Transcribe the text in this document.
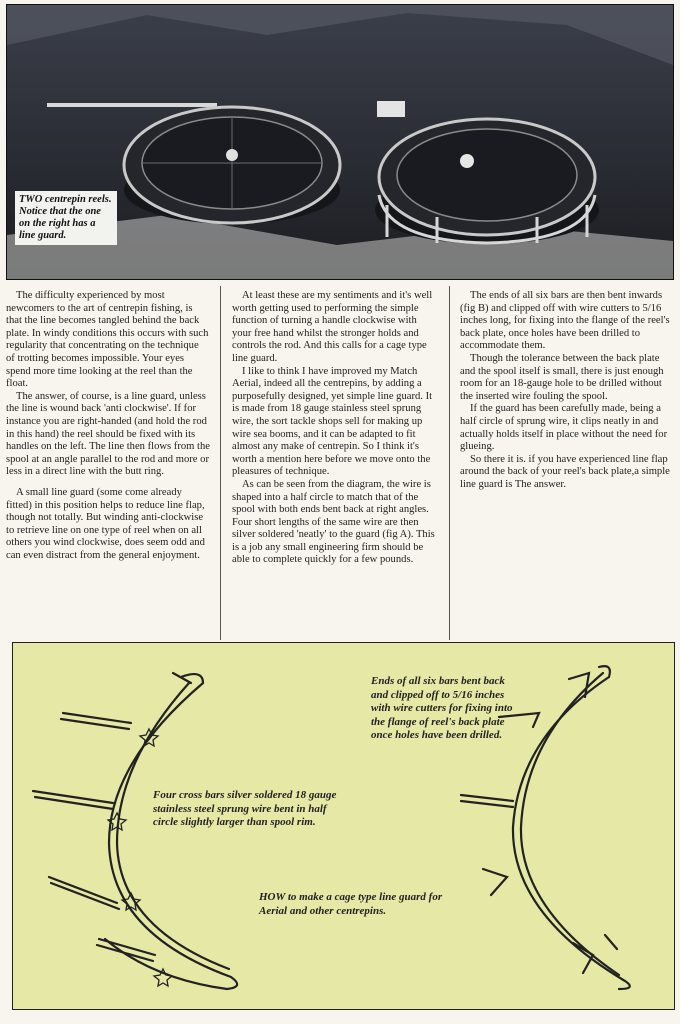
TWO centrepin reels. Notice that the one on the right has a line guard.

The difficulty experienced by most newcomers to the art of centrepin fishing, is that the line becomes tangled behind the back plate. In windy conditions this occurs with such regularity that concentrating on the technique of trotting becomes impossible. Your eyes spend more time looking at the reel than the float.

The answer, of course, is a line guard, unless the line is wound back 'anti clockwise'. If for instance you are right-handed (and hold the rod in this hand) the reel should be fixed with its handles on the left. The line then flows from the spool at an angle parallel to the rod and more or less in a direct line with the butt ring.

A small line guard (some come already fitted) in this position helps to reduce line flap, though not totally. But winding anti-clockwise to retrieve line on one type of reel when on all others you wind clockwise, does seem odd and can even distract from the general enjoyment.

At least these are my sentiments and it's well worth getting used to performing the simple function of turning a handle clockwise with your free hand whilst the stronger holds and controls the rod. And this calls for a cage type line guard.

I like to think I have improved my Match Aerial, indeed all the centrepins, by adding a purposefully designed, yet simple line guard. It is made from 18 gauge stainless steel sprung wire, the sort tackle shops sell for making up wire sea booms, and it can be adapted to fit almost any make of centrepin. So I think it's worth a mention here before we move onto the pleasures of technique.

As can be seen from the diagram, the wire is shaped into a half circle to match that of the spool with both ends bent back at right angles. Four short lengths of the same wire are then silver soldered 'neatly' to the guard (fig A). This is a job any small engineering firm should be able to complete quickly for a few pounds.

The ends of all six bars are then bent inwards (fig B) and clipped off with wire cutters to 5/16 inches long, for fixing into the flange of the reel's back plate, once holes have been drilled to accommodate them.

Though the tolerance between the back plate and the spool itself is small, there is just enough room for an 18-gauge hole to be drilled without the inserted wire fouling the spool.

If the guard has been carefully made, being a half circle of sprung wire, it clips neatly in and actually holds itself in place without the need for glueing.

So there it is. if you have experienced line flap around the back of your reel's back plate,a simple line guard is The answer.

Ends of all six bars bent back and clipped off to 5/16 inches with wire cutters for fixing into the flange of reel's back plate once holes have been drilled.
Four cross bars silver soldered 18 gauge stainless steel sprung wire bent in half circle slightly larger than spool rim.
HOW to make a cage type line guard for Aerial and other centrepins.
